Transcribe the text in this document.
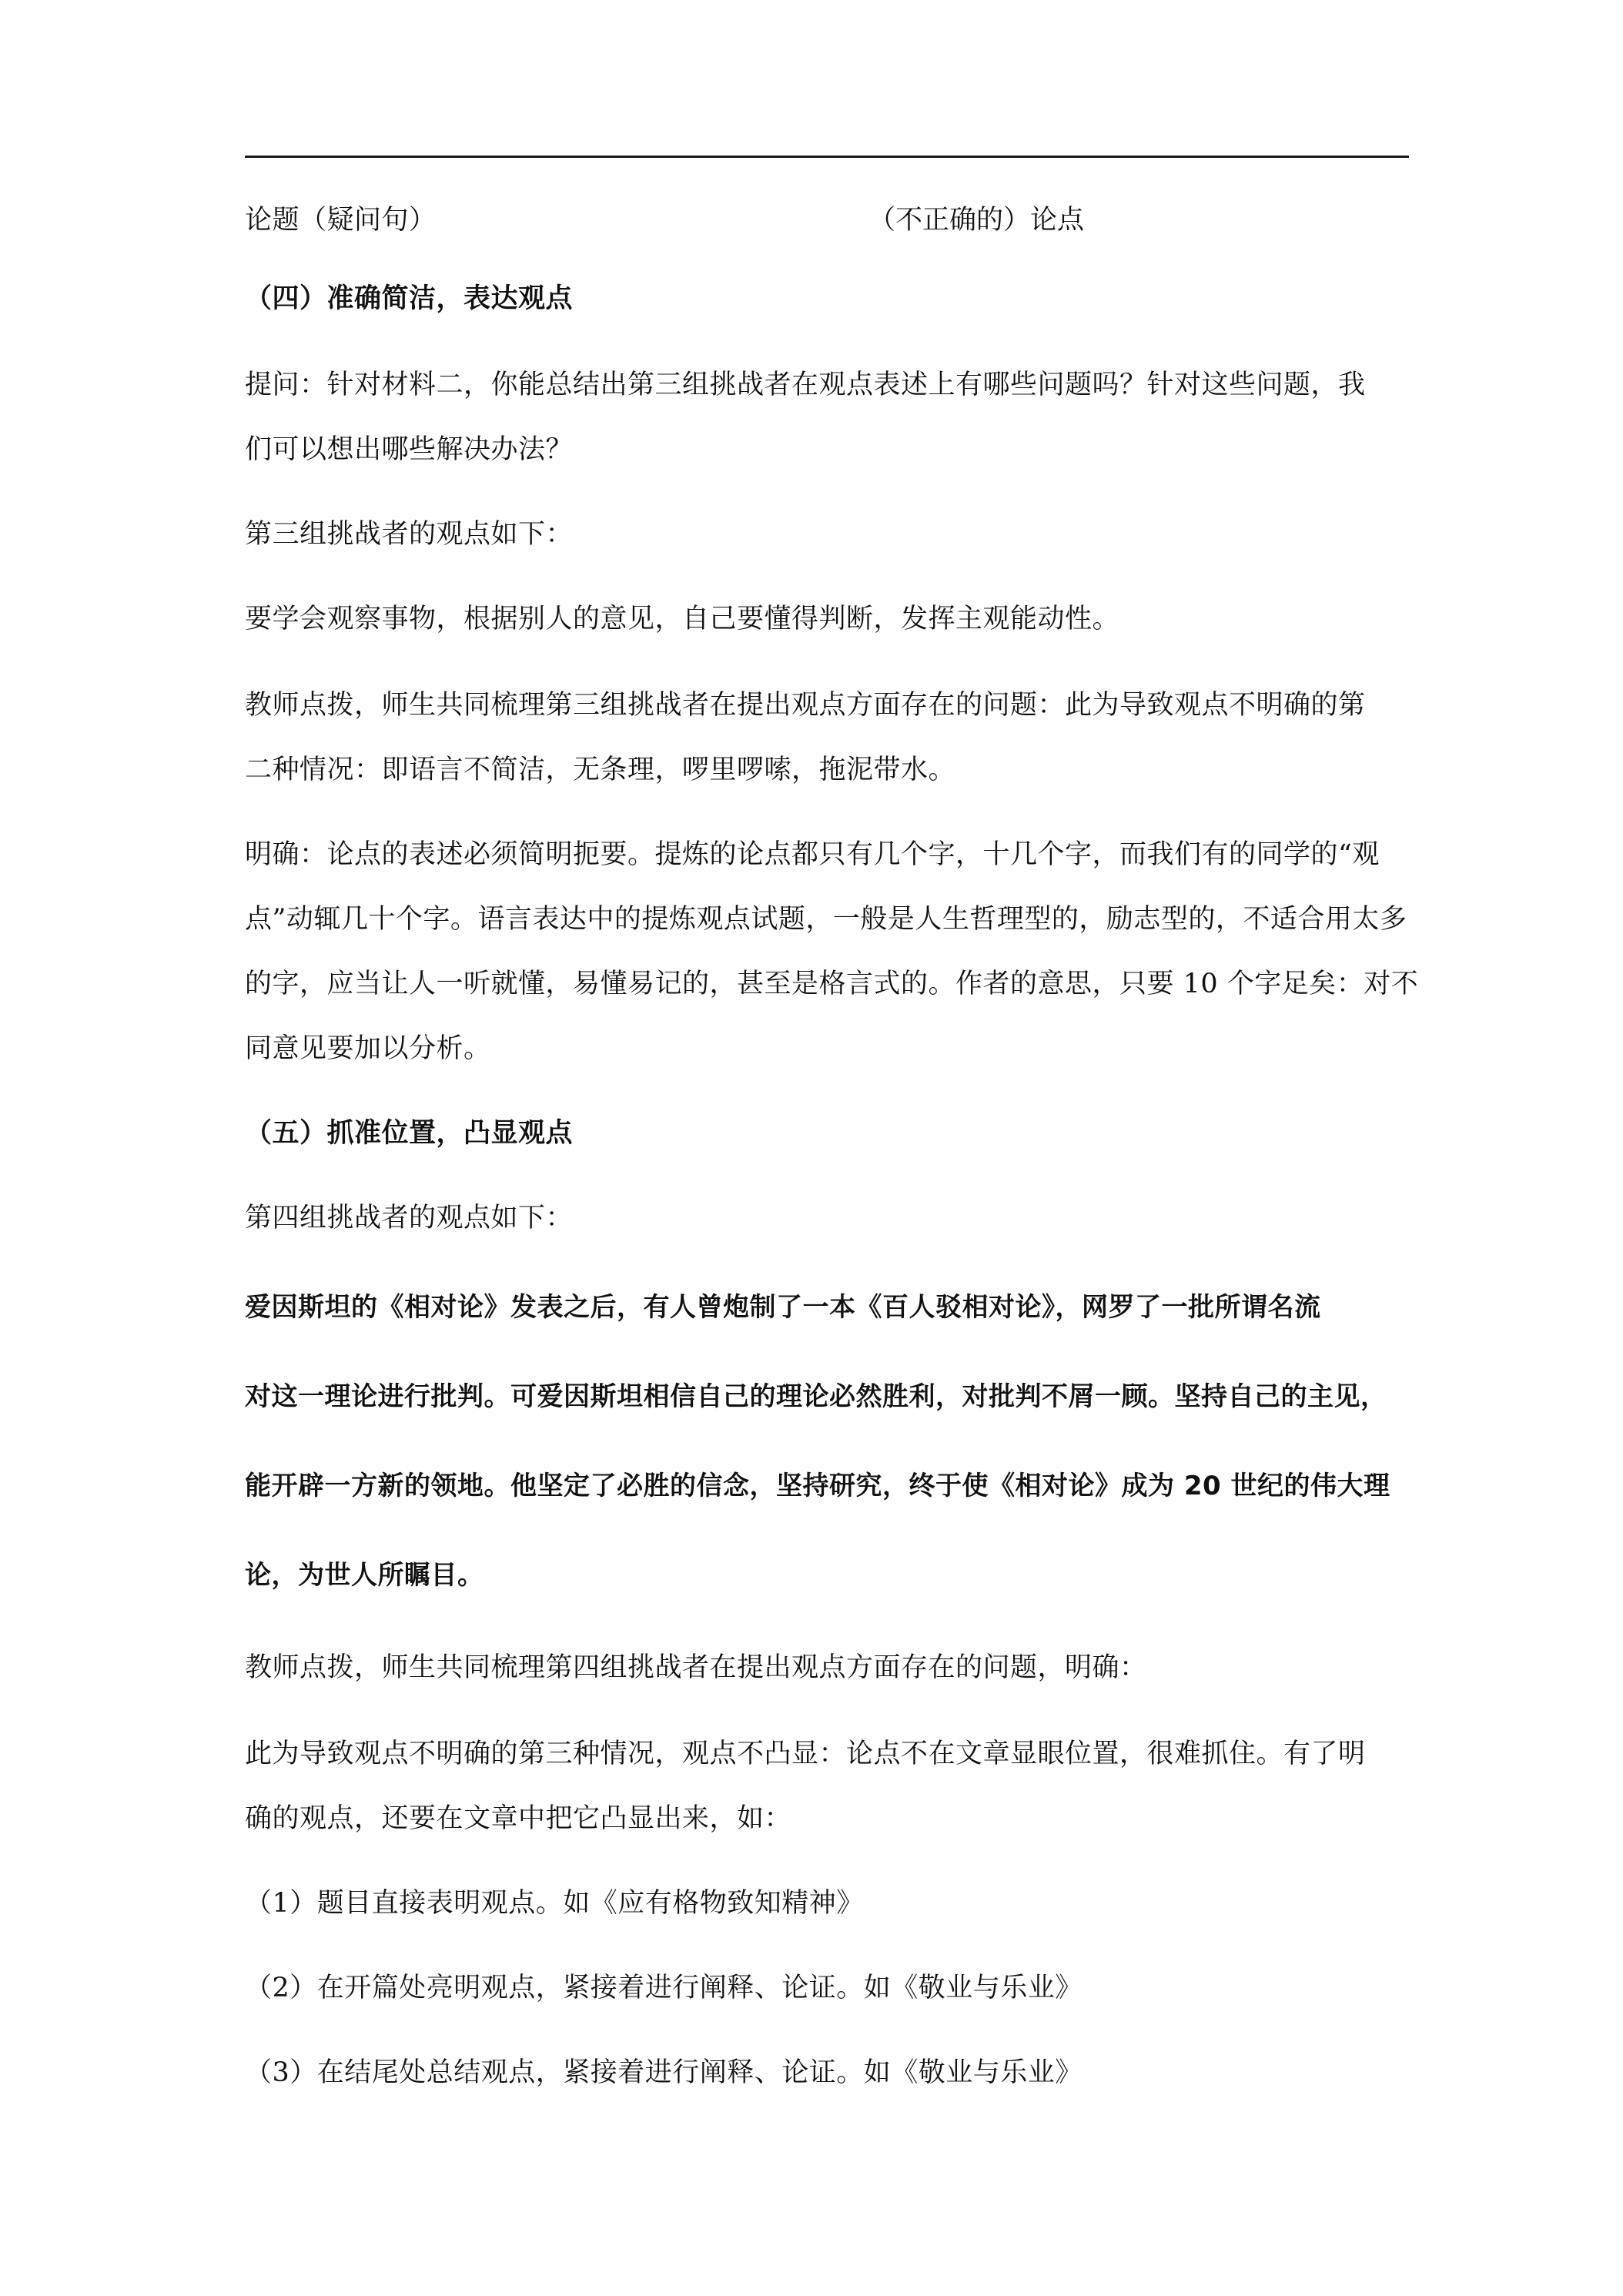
论题（疑问句）	（不正确的）论点
（四）准确简洁，表达观点
提问：针对材料二，你能总结出第三组挑战者在观点表述上有哪些问题吗？针对这些问题，我
们可以想出哪些解决办法？
第三组挑战者的观点如下：
要学会观察事物，根据别人的意见，自己要懂得判断，发挥主观能动性。
教师点拨，师生共同梳理第三组挑战者在提出观点方面存在的问题：此为导致观点不明确的第
二种情况：即语言不简洁，无条理，啰里啰嗦，拖泥带水。
明确：论点的表述必须简明扼要。提炼的论点都只有几个字，十几个字，而我们有的同学的“观
点”动辄几十个字。语言表达中的提炼观点试题，一般是人生哲理型的，励志型的，不适合用太多
的字，应当让人一听就懂，易懂易记的，甚至是格言式的。作者的意思，只要 10 个字足矣：对不
同意见要加以分析。
（五）抓准位置，凸显观点
第四组挑战者的观点如下：
爱因斯坦的《相对论》发表之后，有人曾炮制了一本《百人驳相对论》，网罗了一批所谓名流
对这一理论进行批判。可爱因斯坦相信自己的理论必然胜利，对批判不屑一顾。坚持自己的主见，
能开辟一方新的领地。他坚定了必胜的信念，坚持研究，终于使《相对论》成为 20 世纪的伟大理
论，为世人所瞩目。
教师点拨，师生共同梳理第四组挑战者在提出观点方面存在的问题，明确：
此为导致观点不明确的第三种情况，观点不凸显：论点不在文章显眼位置，很难抓住。有了明
确的观点，还要在文章中把它凸显出来，如：
（1）题目直接表明观点。如《应有格物致知精神》
（2）在开篇处亮明观点，紧接着进行阐释、论证。如《敬业与乐业》
（3）在结尾处总结观点，紧接着进行阐释、论证。如《敬业与乐业》
